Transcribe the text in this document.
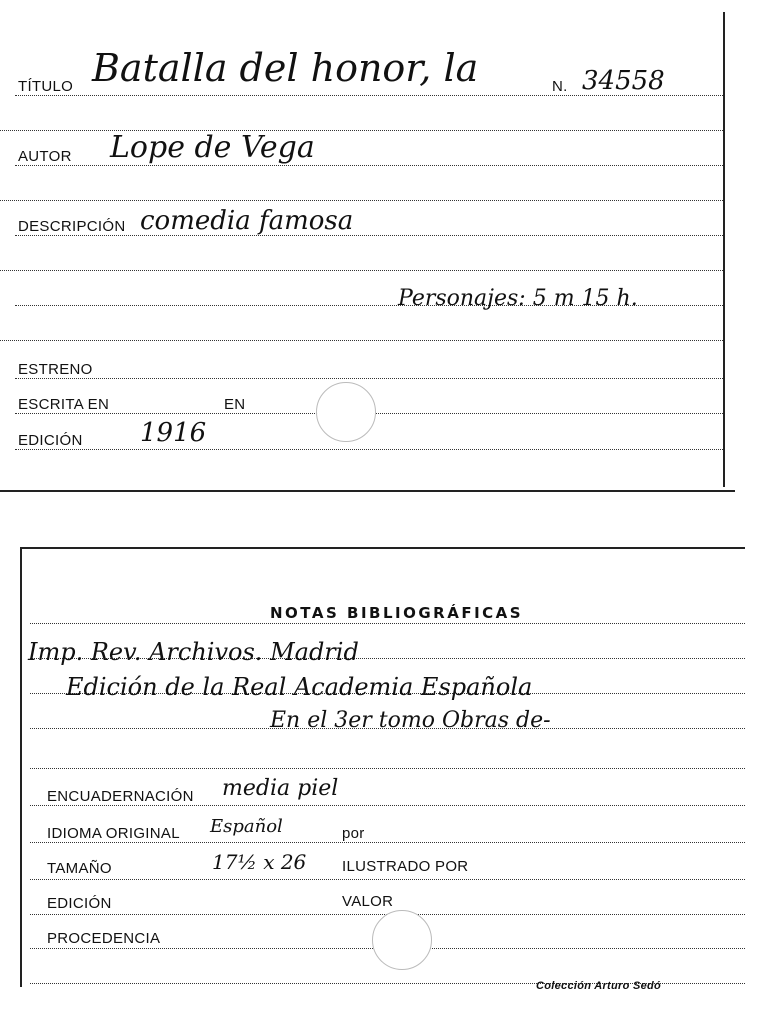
TÍTULO Batalla del honor, la	N. 34558
AUTOR Lope de Vega
DESCRIPCIÓN comedia famosa
Personajes: 5 m 15 h.
ESTRENO
ESCRITA EN	EN
EDICIÓN 1916
NOTAS BIBLIOGRÁFICAS
Imp. Rev. Archivos. Madrid
Edición de la Real Academia Española
En el 3er tomo Obras de-
ENCUADERNACIÓN media piel
IDIOMA ORIGINAL Español	por
TAMAÑO	17½ x 26 ILUSTRADO POR
EDICIÓN	VALOR
PROCEDENCIA
Colección Arturo Sedó
